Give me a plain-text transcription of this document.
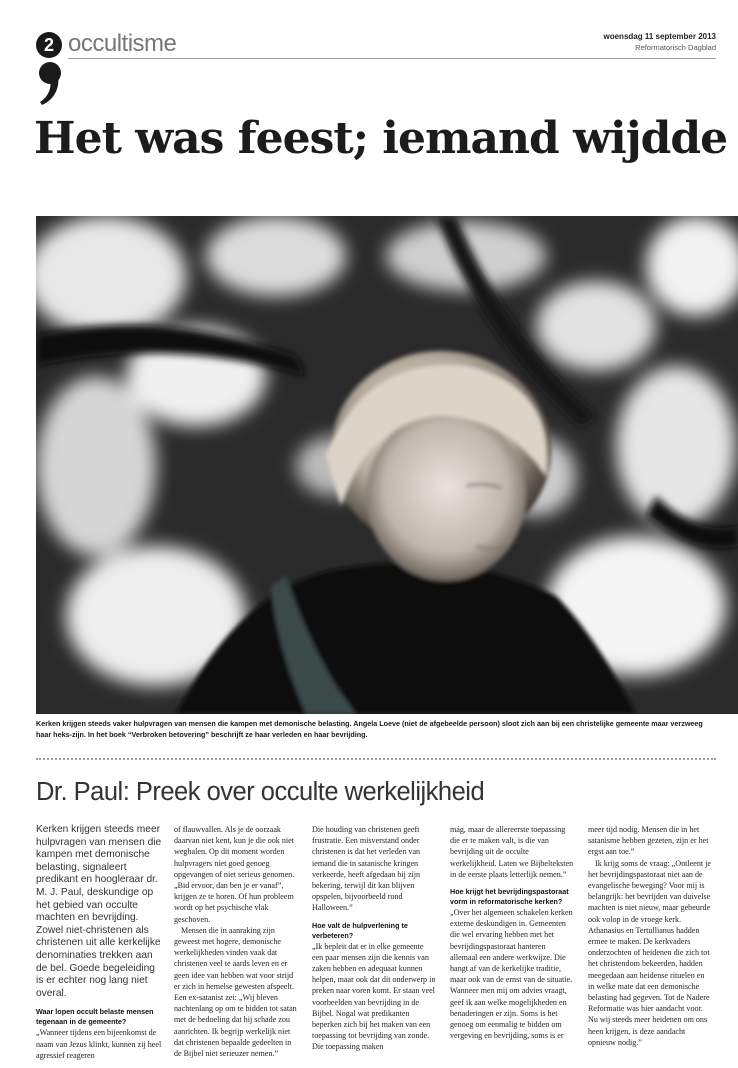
2 occultisme	woensdag 11 september 2013
Reformatorisch Dagblad
Het was feest; iemand wijdde
Kerken krijgen steeds vaker hulpvragen van mensen die kampen met demonische belasting. Angela Loeve (niet de afgebeelde persoon) sloot zich aan bij een christelijke gemeente maar verzweeg haar heks-zijn. In het boek “Verbroken betovering” beschrijft ze haar verleden en haar bevrijding.
Dr. Paul: Preek over occulte werkelijkheid

Kerken krijgen steeds meer hulpvragen van mensen die kampen met demonische belasting, signaleert predikant en hoogleraar dr. M. J. Paul, deskundige op het gebied van occulte machten en bevrijding. Zowel niet-christenen als christenen uit alle kerkelijke denominaties trekken aan de bel. Goede begeleiding is er echter nog lang niet overal.

Waar lopen occult belaste mensen tegenaan in de gemeente?

„Wanneer tijdens een bijeenkomst de naam van Jezus klinkt, kunnen zij heel agressief reageren

of flauwvallen. Als je de oorzaak daarvan niet kent, kun je die ook niet weghalen. Op dit moment worden hulpvragers niet goed genoeg opgevangen of niet serieus genomen. „Bid ervoor, dan ben je er vanaf”, krijgen ze te horen. Of hun probleem wordt op het psychische vlak geschoven.

Mensen die in aanraking zijn geweest met hogere, demonische werkelijkheden vinden vaak dat christenen veel te aards leven en er geen idee van hebben wat voor strijd er zich in hemelse gewesten afspeelt. Een ex-satanist zei: „Wij bleven nachtenlang op om te bidden tot satan met de bedoeling dat hij schade zou aanrichten. Ik begrijp werkelijk niet dat christenen bepaalde gedeelten in de Bijbel niet serieuzer nemen.”

Die houding van christenen geeft frustratie. Een misverstand onder christenen is dat het verleden van iemand die in satanische kringen verkeerde, heeft afgedaan bij zijn bekering, terwijl dit kan blijven opspelen, bijvoorbeeld rond Halloween.”

Hoe valt de hulpverlening te verbeteren?

„Ik bepleit dat er in elke gemeente een paar mensen zijn die kennis van zaken hebben en adequaat kunnen helpen, maar ook dat dit onderwerp in preken naar voren komt. Er staan veel voorbeelden van bevrijding in de Bijbel. Nogal wat predikanten beperken zich bij het maken van een toepassing tot bevrijding van zonde. Die toepassing maken

mág, maar de allereerste toepassing die er te maken valt, is die van bevrijding uit de occulte werkelijkheid. Laten we Bijbelteksten in de eerste plaats letterlijk nemen.”

Hoe krijgt het bevrijdingspastoraat vorm in reformatorische kerken?

„Over het algemeen schakelen kerken externe deskundigen in. Gemeenten die wel ervaring hebben met het bevrijdingspastoraat hanteren allemaal een andere werkwijze. Die hangt af van de kerkelijke traditie, maar ook van de ernst van de situatie. Wanneer men mij om advies vraagt, geef ik aan welke mogelijkheden en benaderingen er zijn. Soms is het genoeg om eenmalig te bidden om vergeving en bevrijding, soms is er

meer tijd nodig. Mensen die in het satanisme hebben gezeten, zijn er het ergst aan toe.”

Ik krijg soms de vraag: „Ontleent je het bevrijdingspastoraat niet aan de evangelische beweging? Voor mij is belangrijk: het bevrijden van duivelse machten is niet nieuw, maar gebeurde ook volop in de vroege kerk. Athanasius en Tertullianus hadden ermee te maken. De kerkvaders onderzochten of heidenen die zich tot het christendom bekeerden, hadden meegedaan aan heidense rituelen en in welke mate dat een demonische belasting had gegeven. Tot de Nadere Reformatie was hier aandacht voor. Nu wij steeds meer heidenen om ons heen krijgen, is deze aandacht opnieuw nodig.”
